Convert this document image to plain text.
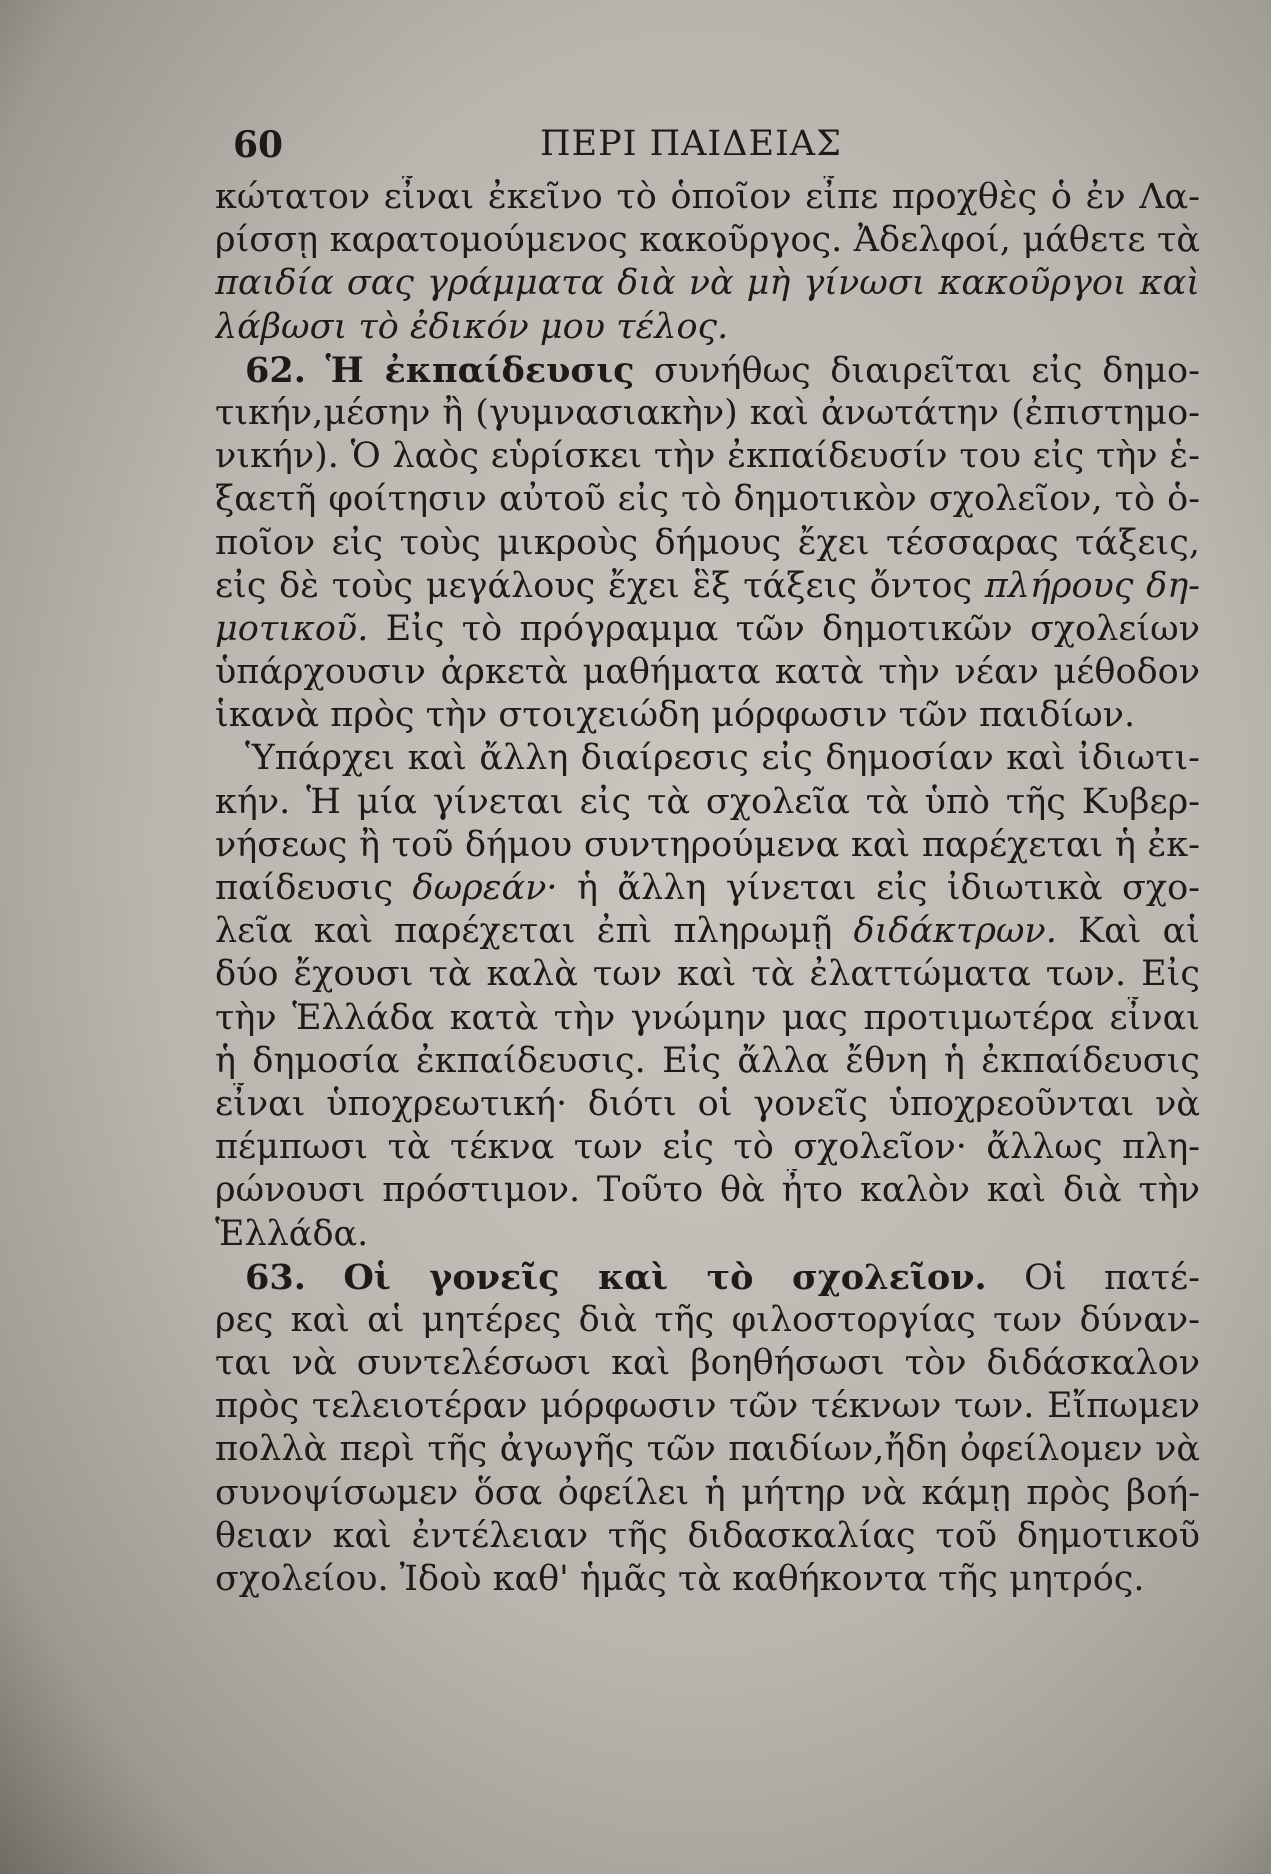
60	ΠΕΡΙ ΠΑΙΔΕΙΑΣ
κώτατον εἶναι ἐκεῖνο τὸ ὁποῖον εἶπε προχθὲς ὁ ἐν Λα-
ρίσσῃ καρατομούμενος κακοῦργος. Ἀδελφοί, μάθετε τὰ
παιδία σας γράμματα διὰ νὰ μὴ γίνωσι κακοῦργοι καὶ
λάβωσι τὸ ἐδικόν μου τέλος.
62. Ἡ ἐκπαίδευσις συνήθως διαιρεῖται εἰς δημο-
τικήν,μέσην ἢ (γυμνασιακὴν) καὶ ἀνωτάτην (ἐπιστημο-
νικήν). Ὁ λαὸς εὑρίσκει τὴν ἐκπαίδευσίν του εἰς τὴν ἑ-
ξαετῆ φοίτησιν αὐτοῦ εἰς τὸ δημοτικὸν σχολεῖον, τὸ ὁ-
ποῖον εἰς τοὺς μικροὺς δήμους ἔχει τέσσαρας τάξεις,
εἰς δὲ τοὺς μεγάλους ἔχει ἓξ τάξεις ὄντος πλήρους δη-
μοτικοῦ. Εἰς τὸ πρόγραμμα τῶν δημοτικῶν σχολείων
ὑπάρχουσιν ἀρκετὰ μαθήματα κατὰ τὴν νέαν μέθοδον
ἱκανὰ πρὸς τὴν στοιχειώδη μόρφωσιν τῶν παιδίων.
Ὑπάρχει καὶ ἄλλη διαίρεσις εἰς δημοσίαν καὶ ἰδιωτι-
κήν. Ἡ μία γίνεται εἰς τὰ σχολεῖα τὰ ὑπὸ τῆς Κυβερ-
νήσεως ἢ τοῦ δήμου συντηρούμενα καὶ παρέχεται ἡ ἐκ-
παίδευσις δωρεάν· ἡ ἄλλη γίνεται εἰς ἰδιωτικὰ σχο-
λεῖα καὶ παρέχεται ἐπὶ πληρωμῇ διδάκτρων. Καὶ αἱ
δύο ἔχουσι τὰ καλὰ των καὶ τὰ ἐλαττώματα των. Εἰς
τὴν Ἑλλάδα κατὰ τὴν γνώμην μας προτιμωτέρα εἶναι
ἡ δημοσία ἐκπαίδευσις. Εἰς ἄλλα ἔθνη ἡ ἐκπαίδευσις
εἶναι ὑποχρεωτική· διότι οἱ γονεῖς ὑποχρεοῦνται νὰ
πέμπωσι τὰ τέκνα των εἰς τὸ σχολεῖον· ἄλλως πλη-
ρώνουσι πρόστιμον. Τοῦτο θὰ ἦτο καλὸν καὶ διὰ τὴν
Ἑλλάδα.
63. Οἱ γονεῖς καὶ τὸ σχολεῖον. Οἱ πατέ-
ρες καὶ αἱ μητέρες διὰ τῆς φιλοστοργίας των δύναν-
ται νὰ συντελέσωσι καὶ βοηθήσωσι τὸν διδάσκαλον
πρὸς τελειοτέραν μόρφωσιν τῶν τέκνων των. Εἴπωμεν
πολλὰ περὶ τῆς ἀγωγῆς τῶν παιδίων,ἤδη ὀφείλομεν νὰ
συνοψίσωμεν ὅσα ὀφείλει ἡ μήτηρ νὰ κάμῃ πρὸς βοή-
θειαν καὶ ἐντέλειαν τῆς διδασκαλίας τοῦ δημοτικοῦ
σχολείου. Ἰδοὺ καθ' ἡμᾶς τὰ καθήκοντα τῆς μητρός.
